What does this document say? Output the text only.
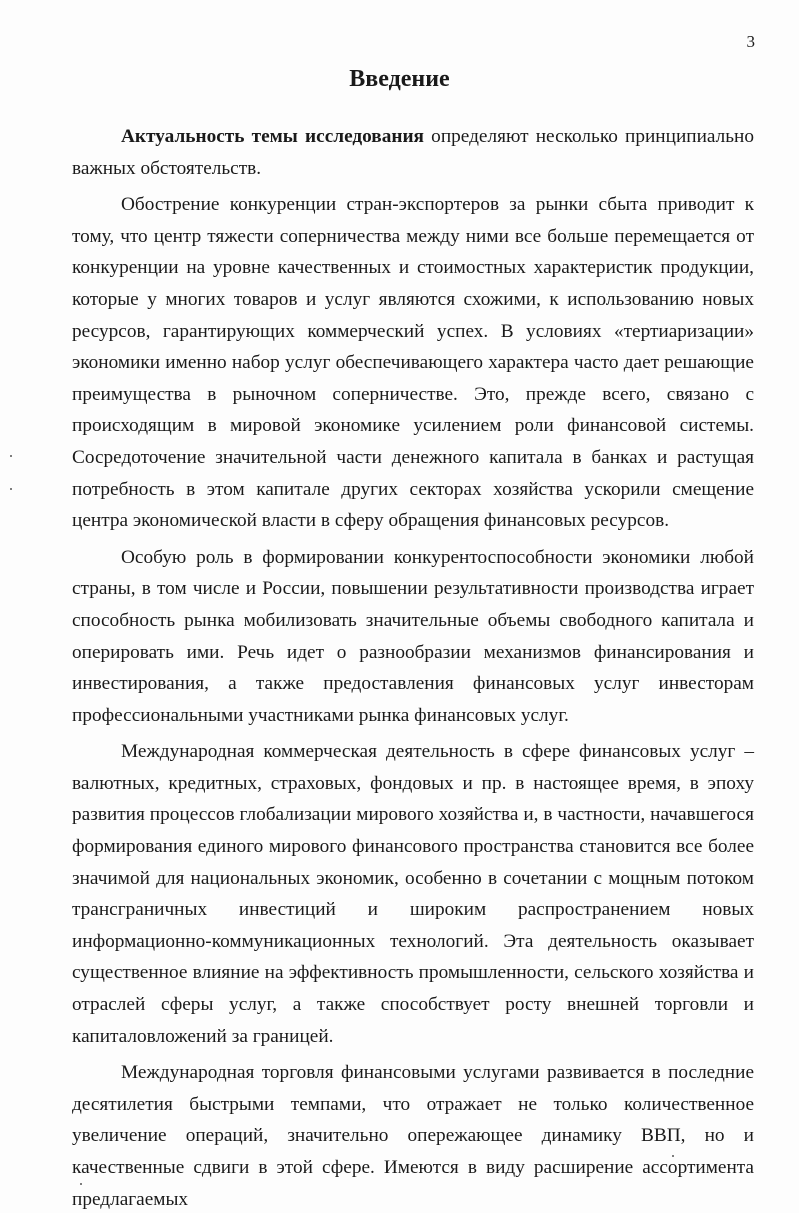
3
Введение

Актуальность темы исследования определяют несколько принципиально важных обстоятельств.

Обострение конкуренции стран-экспортеров за рынки сбыта приводит к тому, что центр тяжести соперничества между ними все больше перемещается от конкуренции на уровне качественных и стоимостных характеристик продукции, которые у многих товаров и услуг являются схожими, к использованию новых ресурсов, гарантирующих коммерческий успех. В условиях «тертиаризации» экономики именно набор услуг обеспечивающего характера часто дает решающие преимущества в рыночном соперничестве. Это, прежде всего, связано с происходящим в мировой экономике усилением роли финансовой системы. Сосредоточение значительной части денежного капитала в банках и растущая потребность в этом капитале других секторах хозяйства ускорили смещение центра экономической власти в сферу обращения финансовых ресурсов.

Особую роль в формировании конкурентоспособности экономики любой страны, в том числе и России, повышении результативности производства играет способность рынка мобилизовать значительные объемы свободного капитала и оперировать ими. Речь идет о разнообразии механизмов финансирования и инвестирования, а также предоставления финансовых услуг инвесторам профессиональными участниками рынка финансовых услуг.

Международная коммерческая деятельность в сфере финансовых услуг – валютных, кредитных, страховых, фондовых и пр. в настоящее время, в эпоху развития процессов глобализации мирового хозяйства и, в частности, начавшегося формирования единого мирового финансового пространства становится все более значимой для национальных экономик, особенно в сочетании с мощным потоком трансграничных инвестиций и широким распространением новых информационно-коммуникационных технологий. Эта деятельность оказывает существенное влияние на эффективность промышленности, сельского хозяйства и отраслей сферы услуг, а также способствует росту внешней торговли и капиталовложений за границей.

Международная торговля финансовыми услугами развивается в последние десятилетия быстрыми темпами, что отражает не только количественное увеличение операций, значительно опережающее динамику ВВП, но и качественные сдвиги в этой сфере. Имеются в виду расширение ассортимента предлагаемых
